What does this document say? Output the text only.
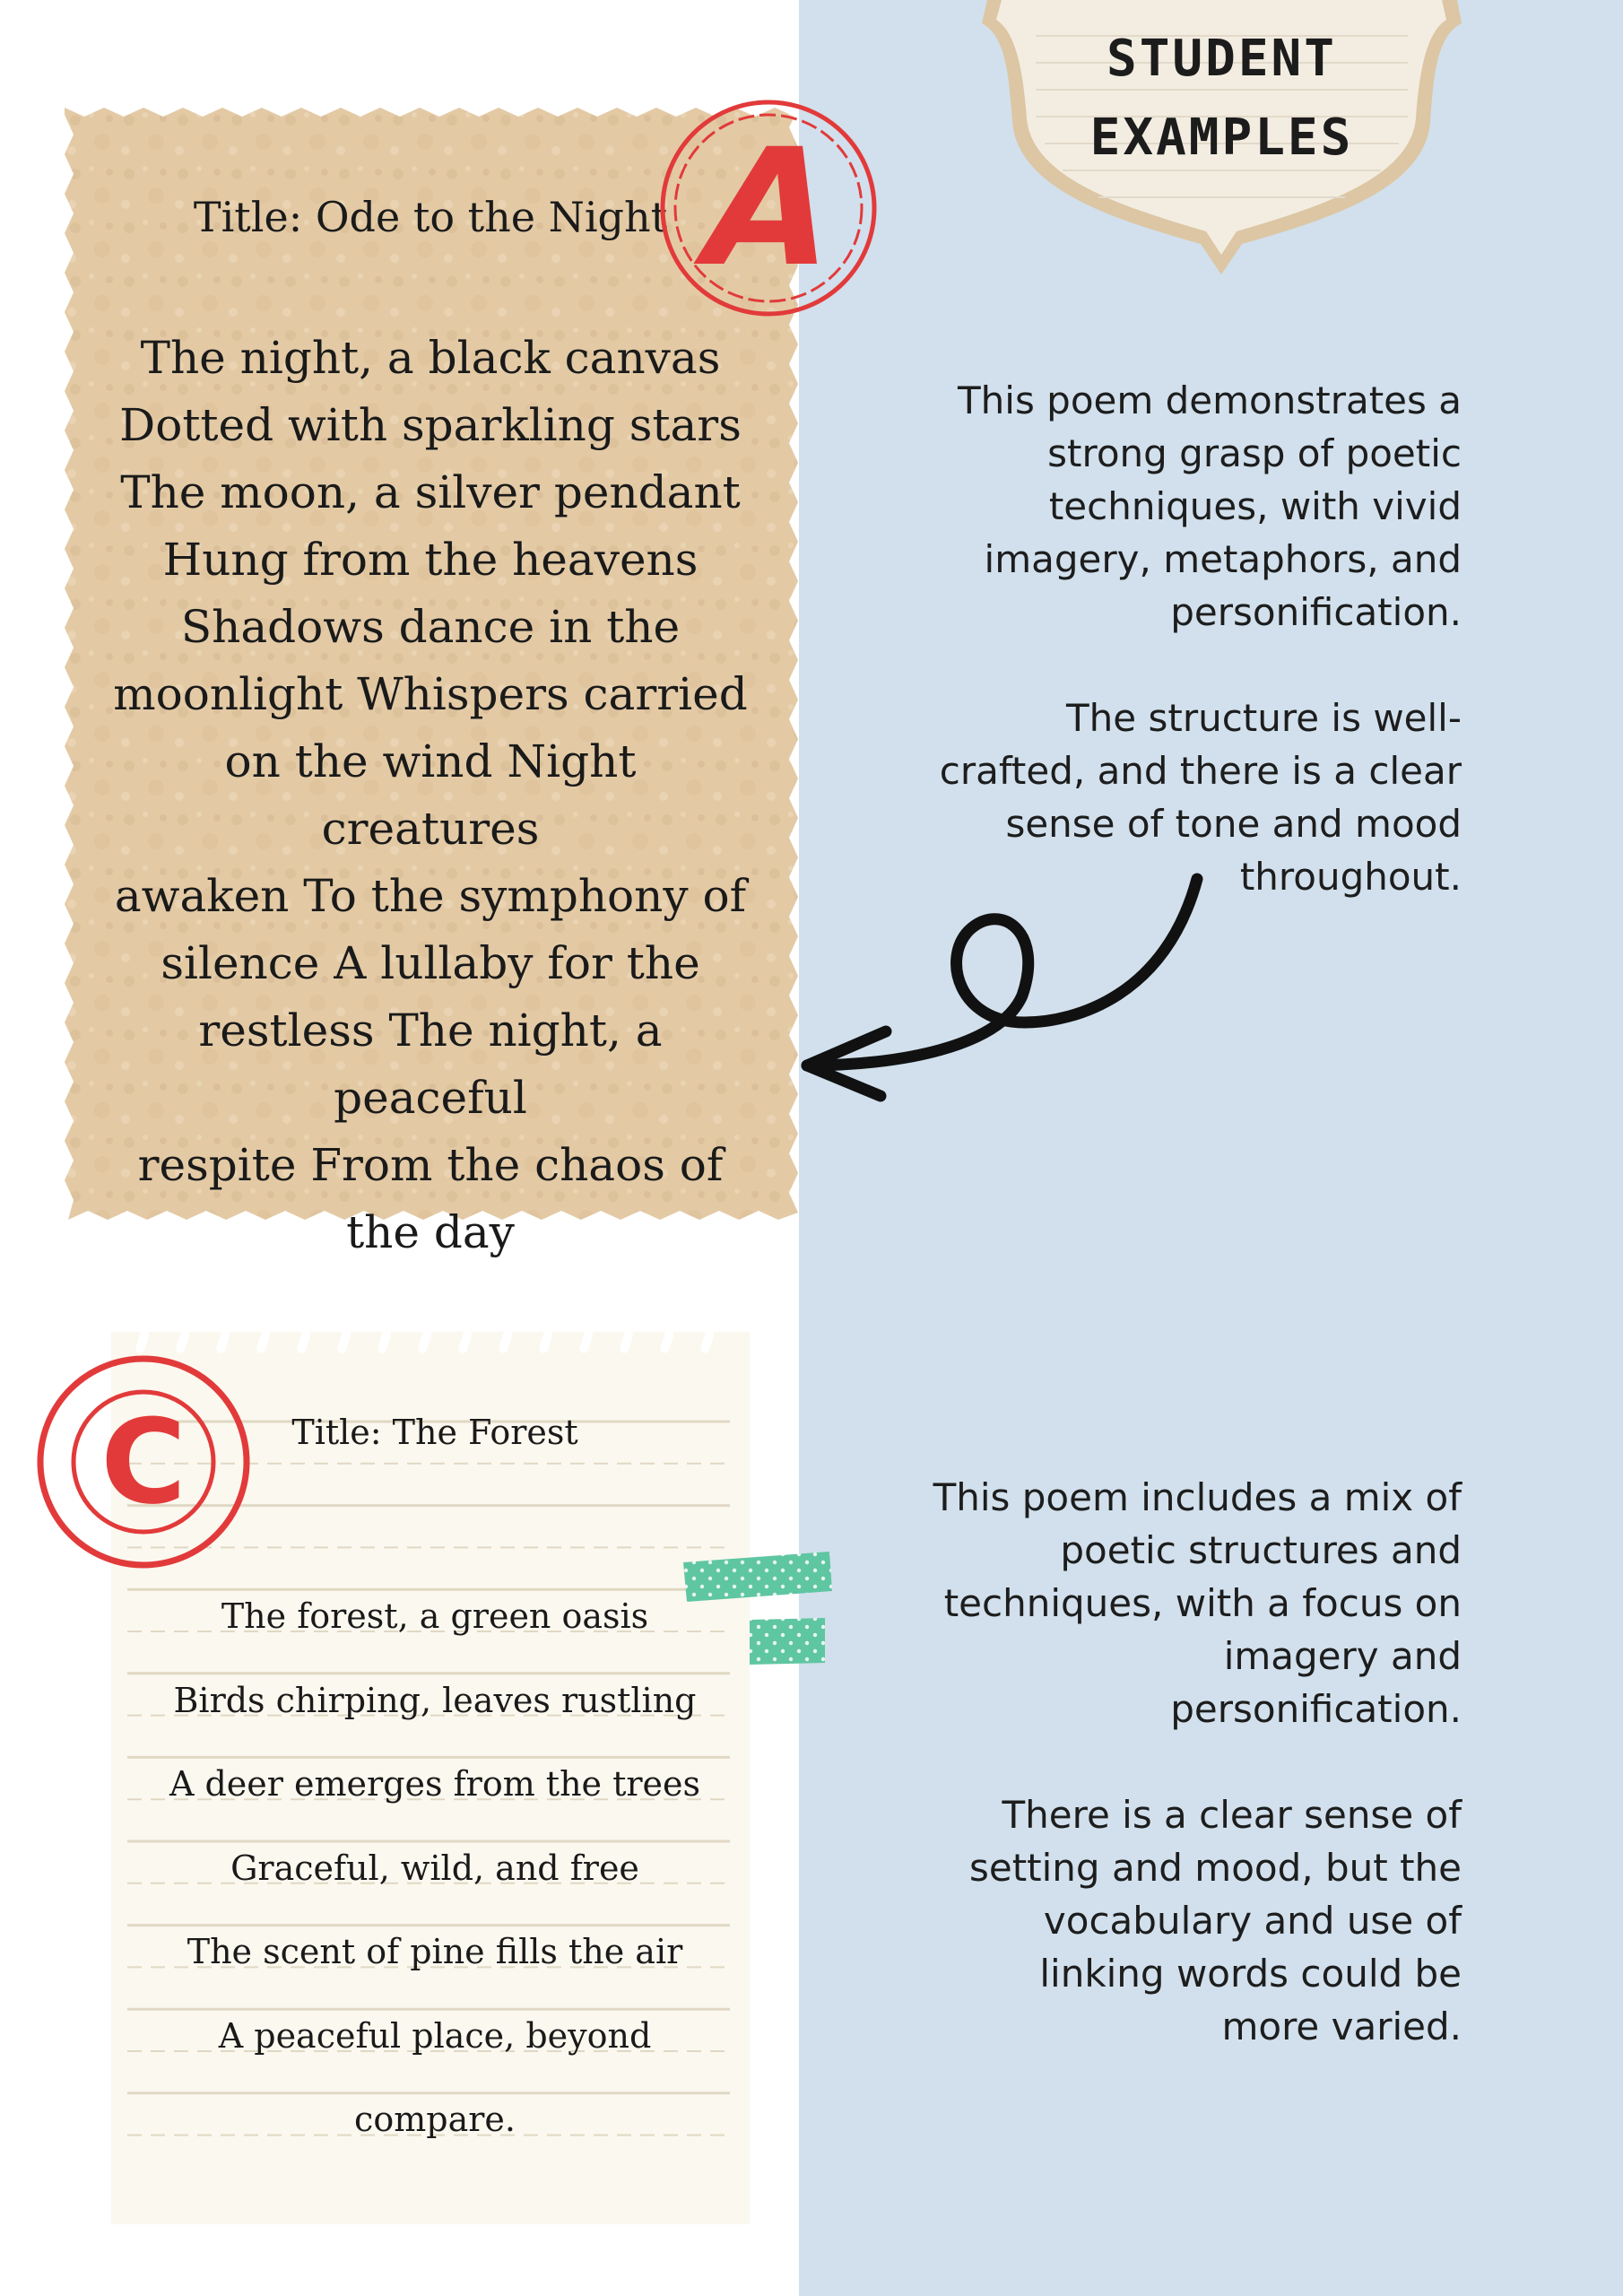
STUDENT
EXAMPLES
Title: Ode to the Night
The night, a black canvas
Dotted with sparkling stars
The moon, a silver pendant
Hung from the heavens
Shadows dance in the
moonlight Whispers carried
on the wind Night creatures
awaken To the symphony of
silence A lullaby for the
restless The night, a peaceful
respite From the chaos of
the day
A

This poem demonstrates a strong grasp of poetic techniques, with vivid imagery, metaphors, and personification.

The structure is well-crafted, and there is a clear sense of tone and mood throughout.

Title: The Forest
The forest, a green oasis
Birds chirping, leaves rustling
A deer emerges from the trees
Graceful, wild, and free
The scent of pine fills the air
A peaceful place, beyond
compare.
C	This poem includes a mix of poetic structures and techniques, with a focus on imagery and personification.

There is a clear sense of setting and mood, but the vocabulary and use of linking words could be more varied.
